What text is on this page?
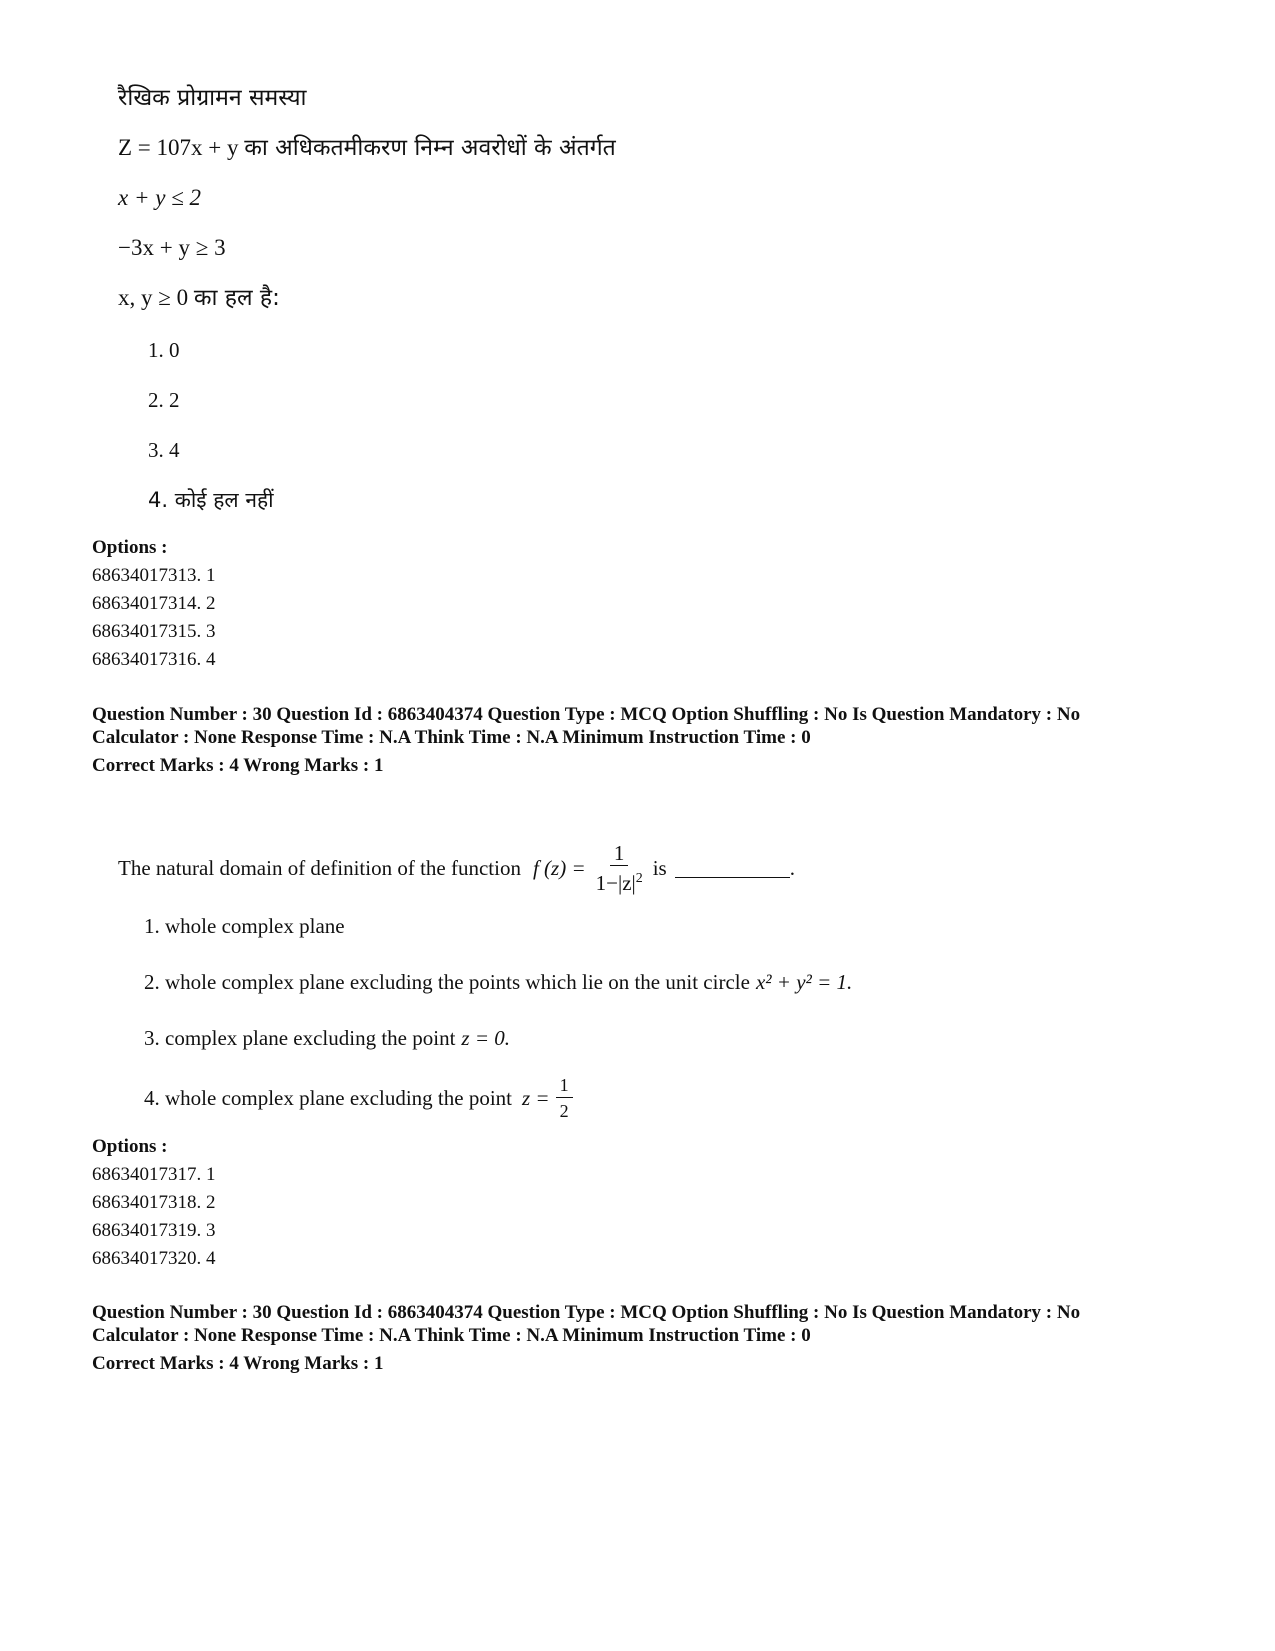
रैखिक प्रोग्रामन समस्या
Z = 107x + y का अधिकतमीकरण निम्न अवरोधों के अंतर्गत
x + y ≤ 2
−3x + y ≥ 3
x, y ≥ 0 का हल है:
1. 0
2. 2
3. 4
4. कोई हल नहीं
Options :
68634017313. 1
68634017314. 2
68634017315. 3
68634017316. 4
Question Number : 30 Question Id : 6863404374 Question Type : MCQ Option Shuffling : No Is Question Mandatory : No
Calculator : None Response Time : N.A Think Time : N.A Minimum Instruction Time : 0
Correct Marks : 4 Wrong Marks : 1
The natural domain of definition of the function f $(z) = \frac{1}{1-|z|^2}$ is	.
1. whole complex plane
2. whole complex plane excluding the points which lie on the unit circle x² + y² = 1.
3. complex plane excluding the point z = 0.
4. whole complex plane excluding the point $z = \frac{1}{2}$
Options :
68634017317. 1
68634017318. 2
68634017319. 3
68634017320. 4
Question Number : 30 Question Id : 6863404374 Question Type : MCQ Option Shuffling : No Is Question Mandatory : No
Calculator : None Response Time : N.A Think Time : N.A Minimum Instruction Time : 0
Correct Marks : 4 Wrong Marks : 1
